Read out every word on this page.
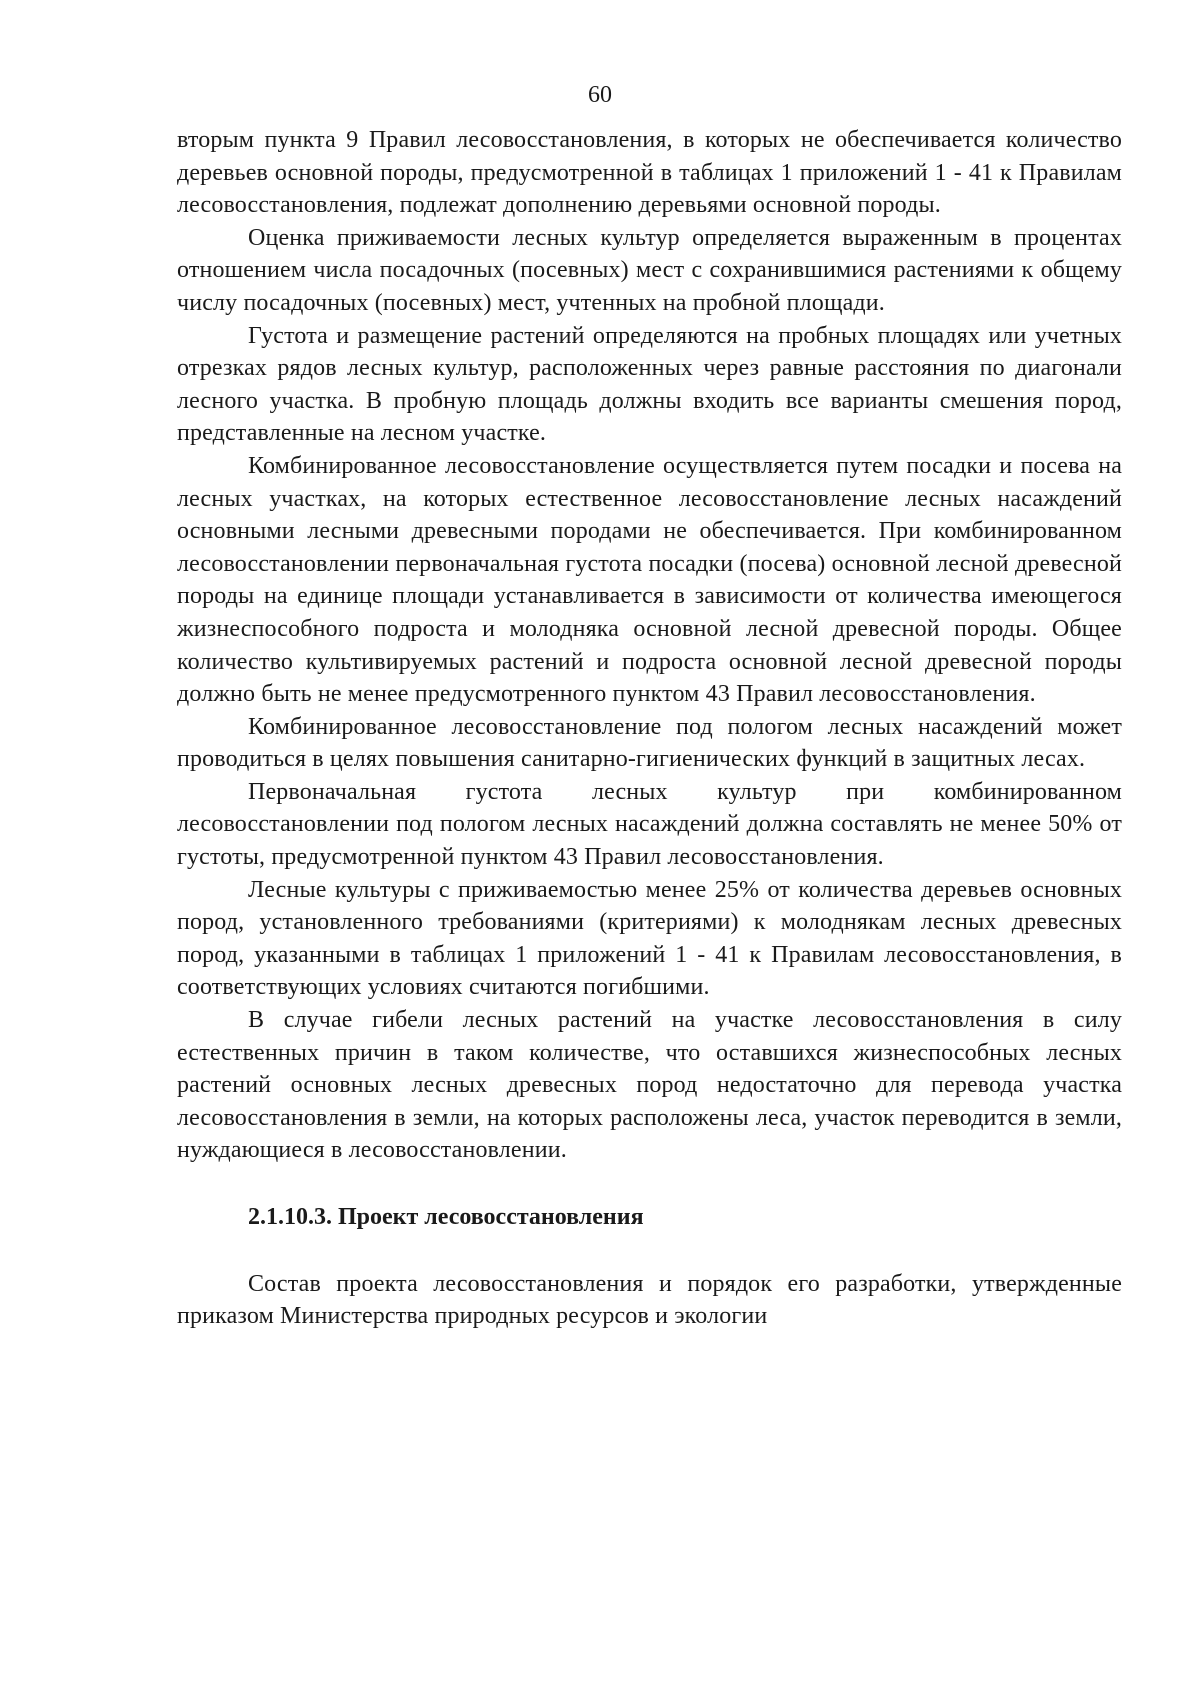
60

вторым пункта 9 Правил лесовосстановления, в которых не обеспечивается количество деревьев основной породы, предусмотренной в таблицах 1 приложений 1 - 41 к Правилам лесовосстановления, подлежат дополнению деревьями основной породы.

Оценка приживаемости лесных культур определяется выраженным в процентах отношением числа посадочных (посевных) мест с сохранившимися растениями к общему числу посадочных (посевных) мест, учтенных на пробной площади.

Густота и размещение растений определяются на пробных площадях или учетных отрезках рядов лесных культур, расположенных через равные расстояния по диагонали лесного участка. В пробную площадь должны входить все варианты смешения пород, представленные на лесном участке.

Комбинированное лесовосстановление осуществляется путем посадки и посева на лесных участках, на которых естественное лесовосстановление лесных насаждений основными лесными древесными породами не обеспечивается. При комбинированном лесовосстановлении первоначальная густота посадки (посева) основной лесной древесной породы на единице площади устанавливается в зависимости от количества имеющегося жизнеспособного подроста и молодняка основной лесной древесной породы. Общее количество культивируемых растений и подроста основной лесной древесной породы должно быть не менее предусмотренного пунктом 43 Правил лесовосстановления.

Комбинированное лесовосстановление под пологом лесных насаждений может проводиться в целях повышения санитарно-гигиенических функций в защитных лесах.

Первоначальная густота лесных культур при комбинированном лесовосстановлении под пологом лесных насаждений должна составлять не менее 50% от густоты, предусмотренной пунктом 43 Правил лесовосстановления.

Лесные культуры с приживаемостью менее 25% от количества деревьев основных пород, установленного требованиями (критериями) к молоднякам лесных древесных пород, указанными в таблицах 1 приложений 1 - 41 к Правилам лесовосстановления, в соответствующих условиях считаются погибшими.

В случае гибели лесных растений на участке лесовосстановления в силу естественных причин в таком количестве, что оставшихся жизнеспособных лесных растений основных лесных древесных пород недостаточно для перевода участка лесовосстановления в земли, на которых расположены леса, участок переводится в земли, нуждающиеся в лесовосстановлении.

2.1.10.3. Проект лесовосстановления

Состав проекта лесовосстановления и порядок его разработки, утвержденные приказом Министерства природных ресурсов и экологии
